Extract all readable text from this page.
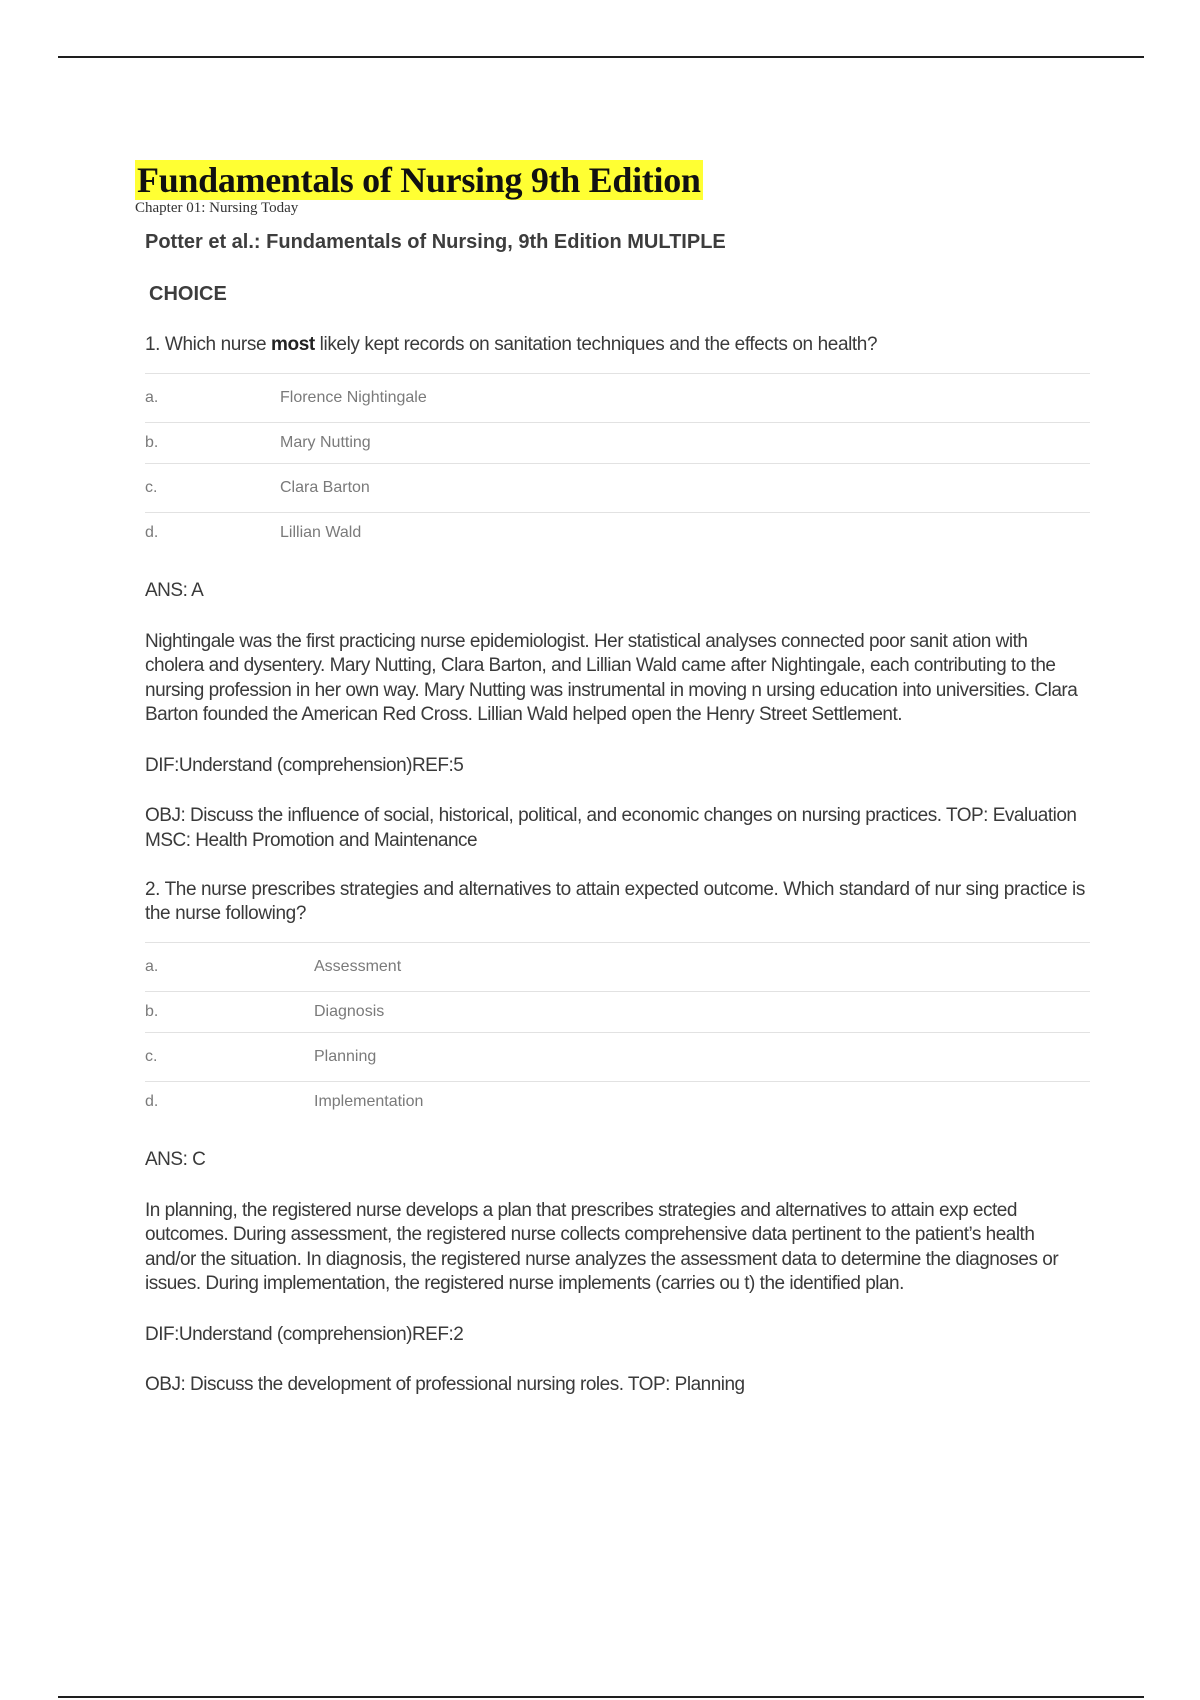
Fundamentals of Nursing 9th Edition
Chapter 01: Nursing Today

Potter et al.: Fundamentals of Nursing, 9th Edition MULTIPLE

CHOICE

1. Which nurse most likely kept records on sanitation techniques and the effects on health?

a.	Florence Nightingale
b.	Mary Nutting
c.	Clara Barton
d.	Lillian Wald

ANS: A

Nightingale was the first practicing nurse epidemiologist. Her statistical analyses connected poor sanit ation with cholera and dysentery. Mary Nutting, Clara Barton, and Lillian Wald came after Nightingale, each contributing to the nursing profession in her own way. Mary Nutting was instrumental in moving n ursing education into universities. Clara Barton founded the American Red Cross. Lillian Wald helped open the Henry Street Settlement.

DIF:Understand (comprehension)REF:5

OBJ: Discuss the influence of social, historical, political, and economic changes on nursing practices. TOP: Evaluation MSC: Health Promotion and Maintenance

2. The nurse prescribes strategies and alternatives to attain expected outcome. Which standard of nur sing practice is the nurse following?

a.	Assessment
b.	Diagnosis
c.	Planning
d.	Implementation

ANS: C

In planning, the registered nurse develops a plan that prescribes strategies and alternatives to attain exp ected outcomes. During assessment, the registered nurse collects comprehensive data pertinent to the patient’s health and/or the situation. In diagnosis, the registered nurse analyzes the assessment data to determine the diagnoses or issues. During implementation, the registered nurse implements (carries ou t) the identified plan.

DIF:Understand (comprehension)REF:2

OBJ: Discuss the development of professional nursing roles. TOP: Planning
